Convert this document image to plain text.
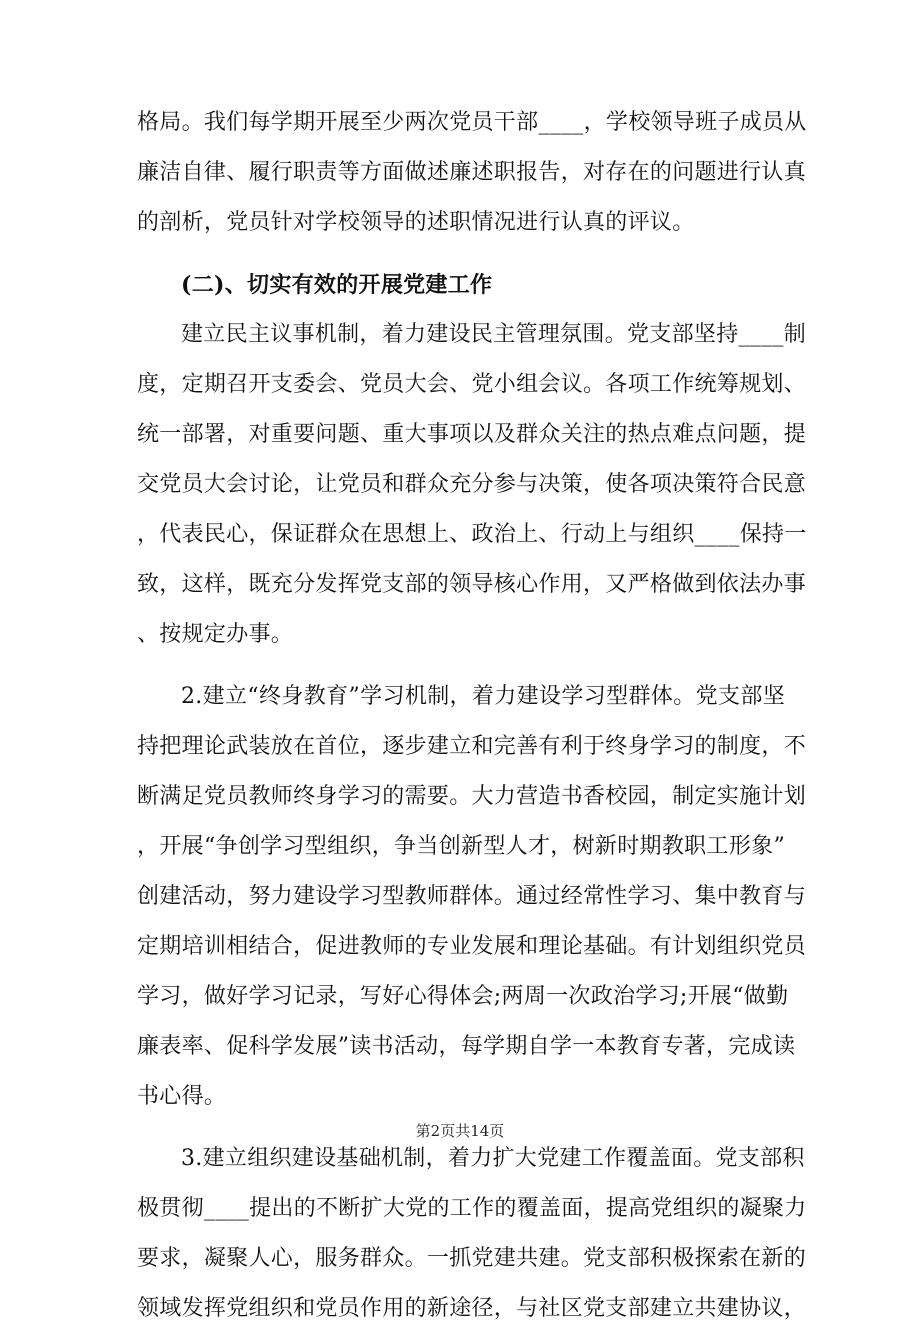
格局。我们每学期开展至少两次党员干部____，学校领导班子成员从
廉洁自律、履行职责等方面做述廉述职报告，对存在的问题进行认真
的剖析，党员针对学校领导的述职情况进行认真的评议。
(二)、切实有效的开展党建工作
建立民主议事机制，着力建设民主管理氛围。党支部坚持____制
度，定期召开支委会、党员大会、党小组会议。各项工作统筹规划、
统一部署，对重要问题、重大事项以及群众关注的热点难点问题，提
交党员大会讨论，让党员和群众充分参与决策，使各项决策符合民意
，代表民心，保证群众在思想上、政治上、行动上与组织____保持一
致，这样，既充分发挥党支部的领导核心作用，又严格做到依法办事
、按规定办事。
2.建立“终身教育”学习机制，着力建设学习型群体。党支部坚
持把理论武装放在首位，逐步建立和完善有利于终身学习的制度，不
断满足党员教师终身学习的需要。大力营造书香校园，制定实施计划
，开展“争创学习型组织，争当创新型人才，树新时期教职工形象”
创建活动，努力建设学习型教师群体。通过经常性学习、集中教育与
定期培训相结合，促进教师的专业发展和理论基础。有计划组织党员
学习，做好学习记录，写好心得体会;两周一次政治学习;开展“做勤
廉表率、促科学发展”读书活动，每学期自学一本教育专著，完成读
书心得。
3.建立组织建设基础机制，着力扩大党建工作覆盖面。党支部积
极贯彻____提出的不断扩大党的工作的覆盖面，提高党组织的凝聚力
要求，凝聚人心，服务群众。一抓党建共建。党支部积极探索在新的
领域发挥党组织和党员作用的新途径，与社区党支部建立共建协议，
第2页共14页
